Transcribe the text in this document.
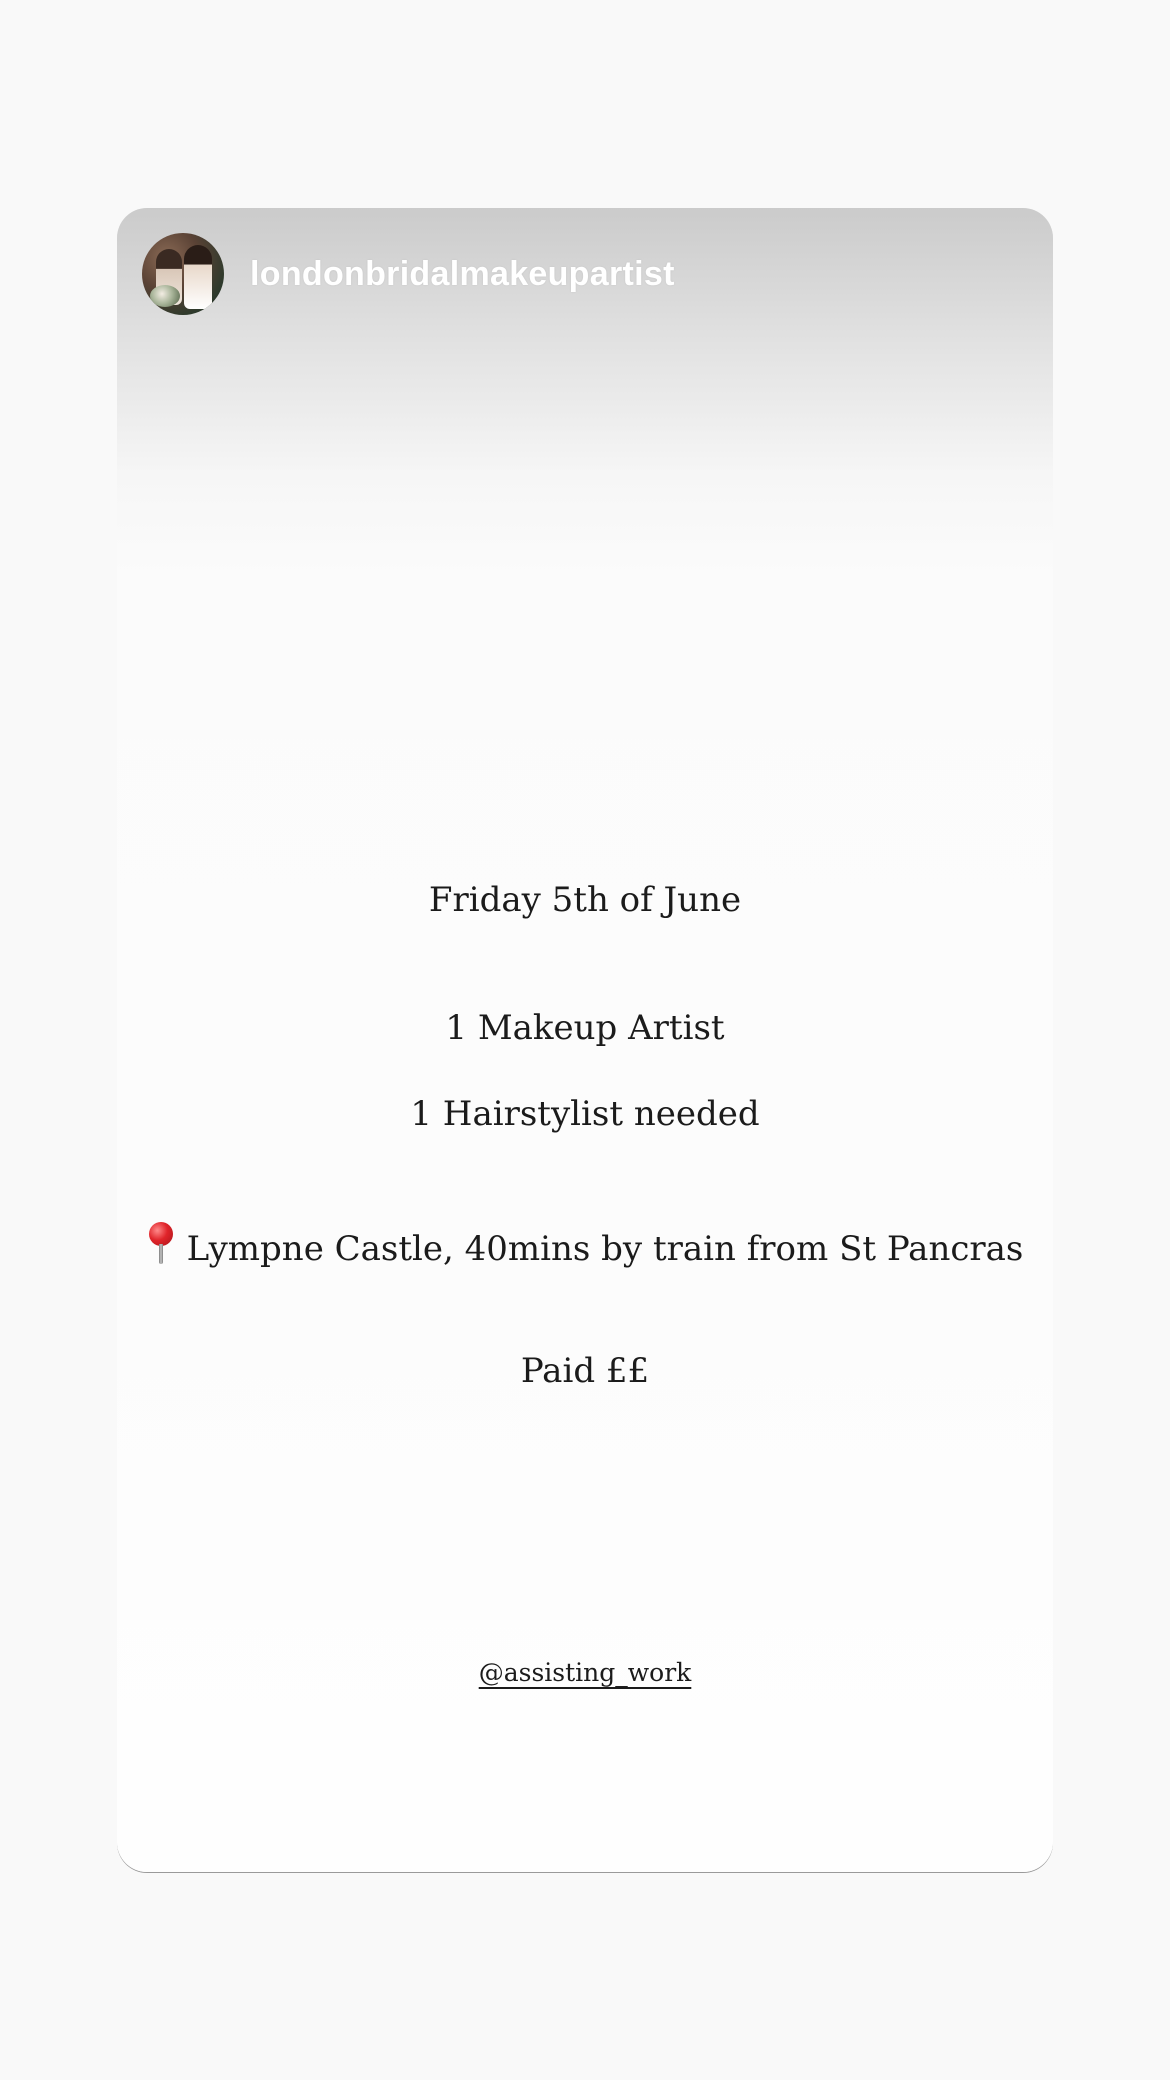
londonbridalmakeupartist
Friday 5th of June
1 Makeup Artist
1 Hairstylist needed
Lympne Castle, 40mins by train from St Pancras
Paid ££
@assisting_work
